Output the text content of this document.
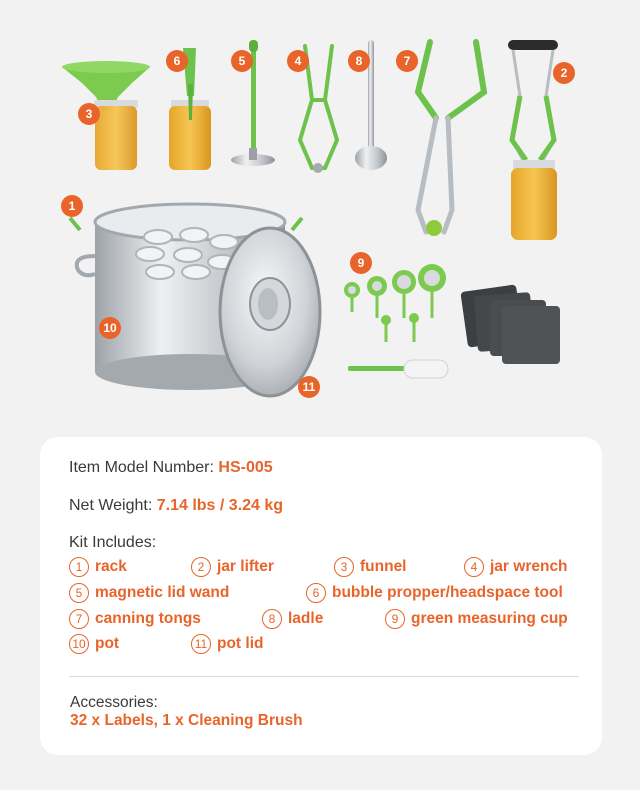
1
2
3
4
5
6	7
8
9
10
11
Item Model Number: HS-005
Net Weight: 7.14 lbs / 3.24 kg
Kit Includes:
1 rack	2 jar lifter	3 funnel	4 jar wrench
5 magnetic lid wand	6 bubble propper/headspace tool
7 canning tongs	8 ladle	9 green measuring cup
10 pot	11 pot lid
Accessories:
32 x Labels, 1 x Cleaning Brush
